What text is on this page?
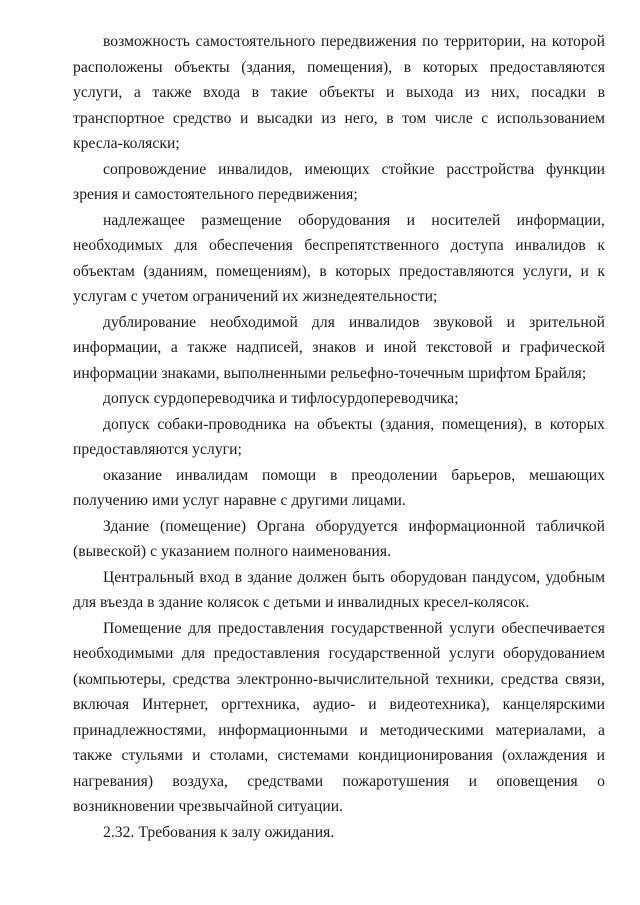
возможность самостоятельного передвижения по территории, на которой расположены объекты (здания, помещения), в которых предоставляются услуги, а также входа в такие объекты и выхода из них, посадки в транспортное средство и высадки из него, в том числе с использованием кресла-коляски;

сопровождение инвалидов, имеющих стойкие расстройства функции зрения и самостоятельного передвижения;

надлежащее размещение оборудования и носителей информации, необходимых для обеспечения беспрепятственного доступа инвалидов к объектам (зданиям, помещениям), в которых предоставляются услуги, и к услугам с учетом ограничений их жизнедеятельности;

дублирование необходимой для инвалидов звуковой и зрительной информации, а также надписей, знаков и иной текстовой и графической информации знаками, выполненными рельефно-точечным шрифтом Брайля;

допуск сурдопереводчика и тифлосурдопереводчика;

допуск собаки-проводника на объекты (здания, помещения), в которых предоставляются услуги;

оказание инвалидам помощи в преодолении барьеров, мешающих получению ими услуг наравне с другими лицами.

Здание (помещение) Органа оборудуется информационной табличкой (вывеской) с указанием полного наименования.

Центральный вход в здание должен быть оборудован пандусом, удобным для въезда в здание колясок с детьми и инвалидных кресел-колясок.

Помещение для предоставления государственной услуги обеспечивается необходимыми для предоставления государственной услуги оборудованием (компьютеры, средства электронно-вычислительной техники, средства связи, включая Интернет, оргтехника, аудио- и видеотехника), канцелярскими принадлежностями, информационными и методическими материалами, а также стульями и столами, системами кондиционирования (охлаждения и нагревания) воздуха, средствами пожаротушения и оповещения о возникновении чрезвычайной ситуации.

2.32. Требования к залу ожидания.
